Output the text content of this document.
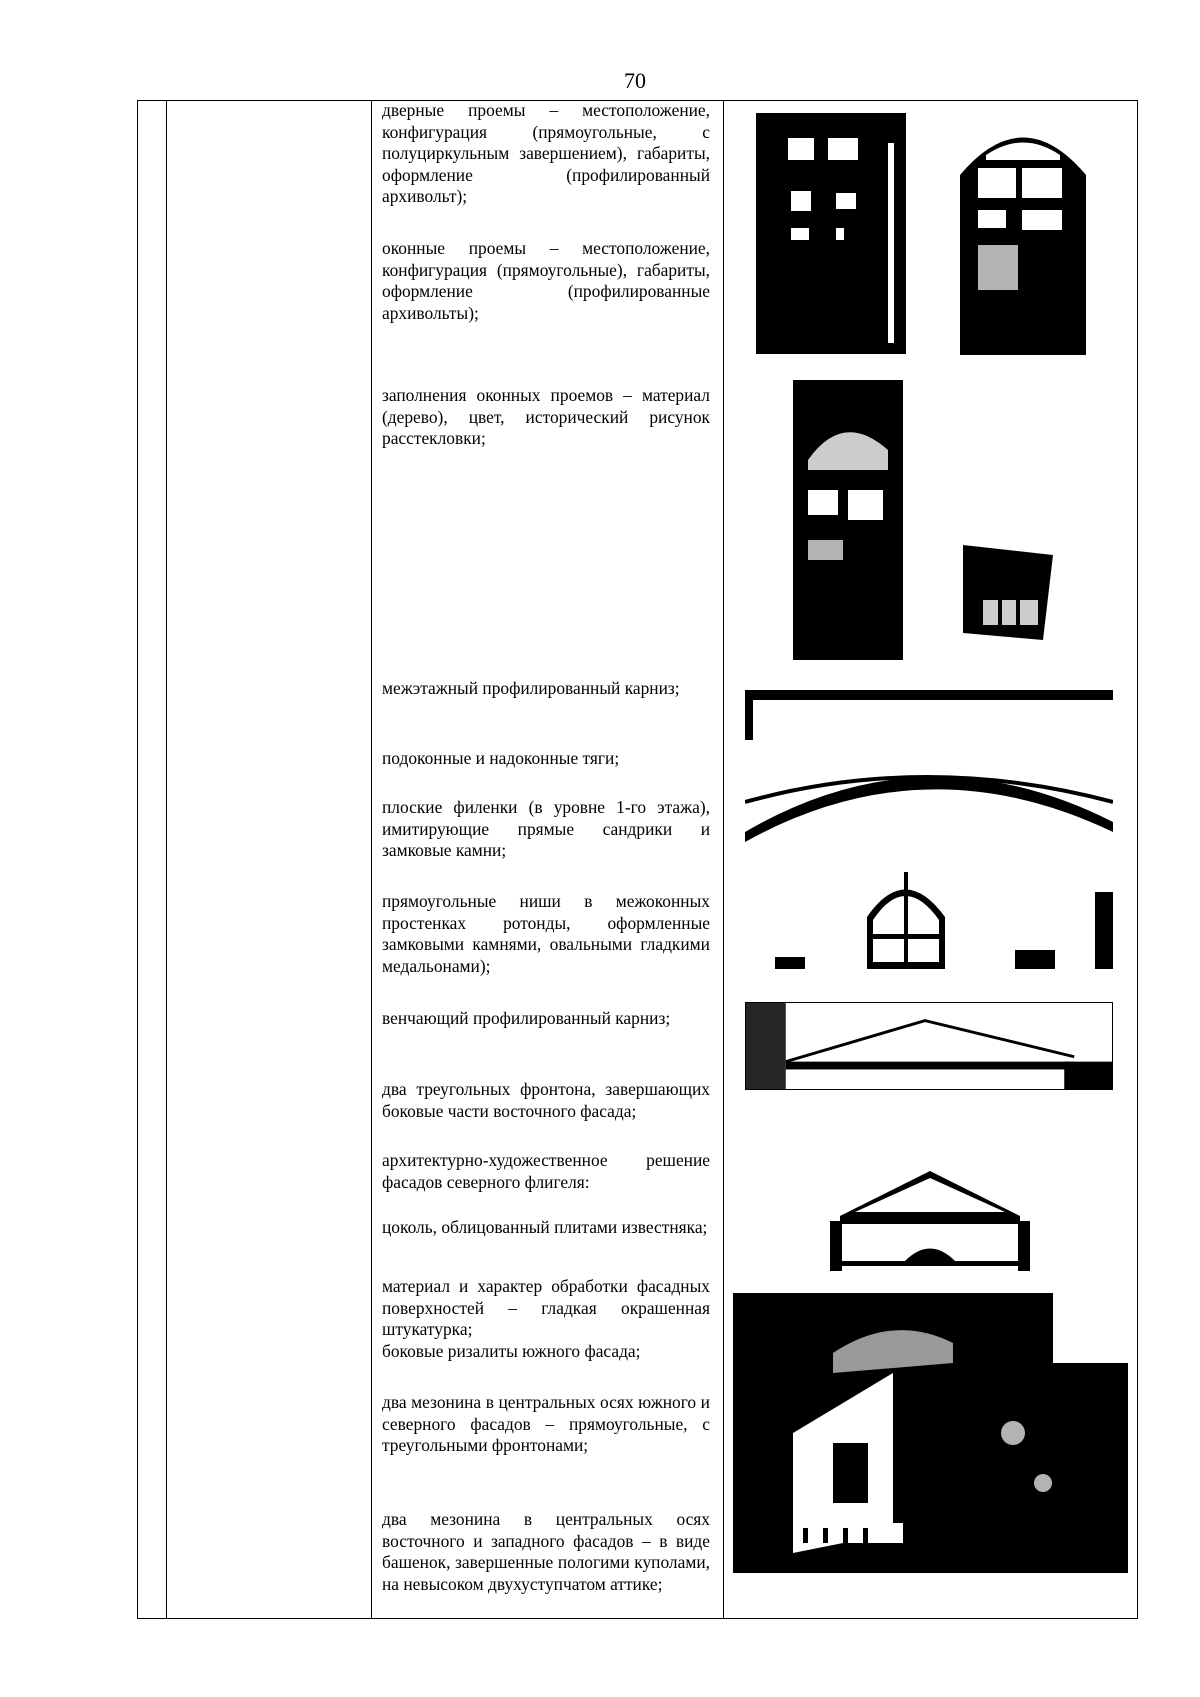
70
дверные проемы – местоположение, конфигурация (прямоугольные, с полуциркульным завершением), габариты, оформление (профилированный архивольт);
оконные проемы – местоположение, конфигурация (прямоугольные), габариты, оформление (профилированные архивольты);
заполнения оконных проемов – материал (дерево), цвет, исторический рисунок расстекловки;
межэтажный профилированный карниз;
подоконные и надоконные тяги;
плоские филенки (в уровне 1-го этажа), имитирующие прямые сандрики и замковые камни;
прямоугольные ниши в межоконных простенках ротонды, оформленные замковыми камнями, овальными гладкими медальонами);
венчающий профилированный карниз;
два треугольных фронтона, завершающих боковые части восточного фасада;
архитектурно-художественное решение фасадов северного флигеля:
цоколь, облицованный плитами известняка;
материал и характер обработки фасадных поверхностей – гладкая окрашенная штукатурка;
боковые ризалиты южного фасада;
два мезонина в центральных осях южного и северного фасадов – прямоугольные, с треугольными фронтонами;
два мезонина в центральных осях восточного и западного фасадов – в виде башенок, завершенные пологими куполами, на невысоком двухуступчатом аттике;
